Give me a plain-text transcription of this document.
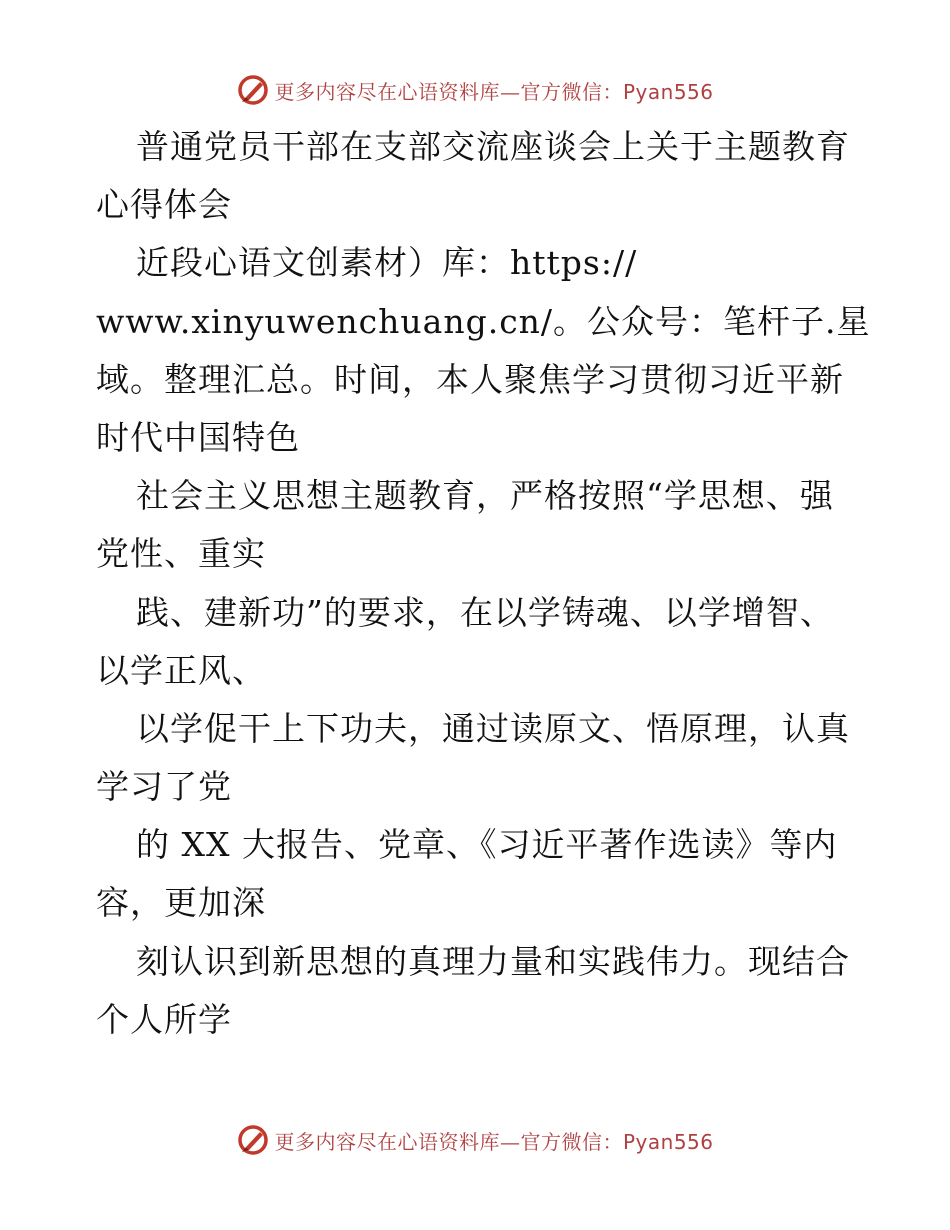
更多内容尽在心语资料库—官方微信：Pyan556
普通党员干部在支部交流座谈会上关于主题教育
心得体会
近段心语文创素材）库：https://
www.xinyuwenchuang.cn/。公众号：笔杆子.星
域。整理汇总。时间，本人聚焦学习贯彻习近平新
时代中国特色
社会主义思想主题教育，严格按照“学思想、强
党性、重实
践、建新功”的要求，在以学铸魂、以学增智、
以学正风、
以学促干上下功夫，通过读原文、悟原理，认真
学习了党
的 XX 大报告、党章、《习近平著作选读》等内
容，更加深
刻认识到新思想的真理力量和实践伟力。现结合
个人所学
更多内容尽在心语资料库—官方微信：Pyan556
